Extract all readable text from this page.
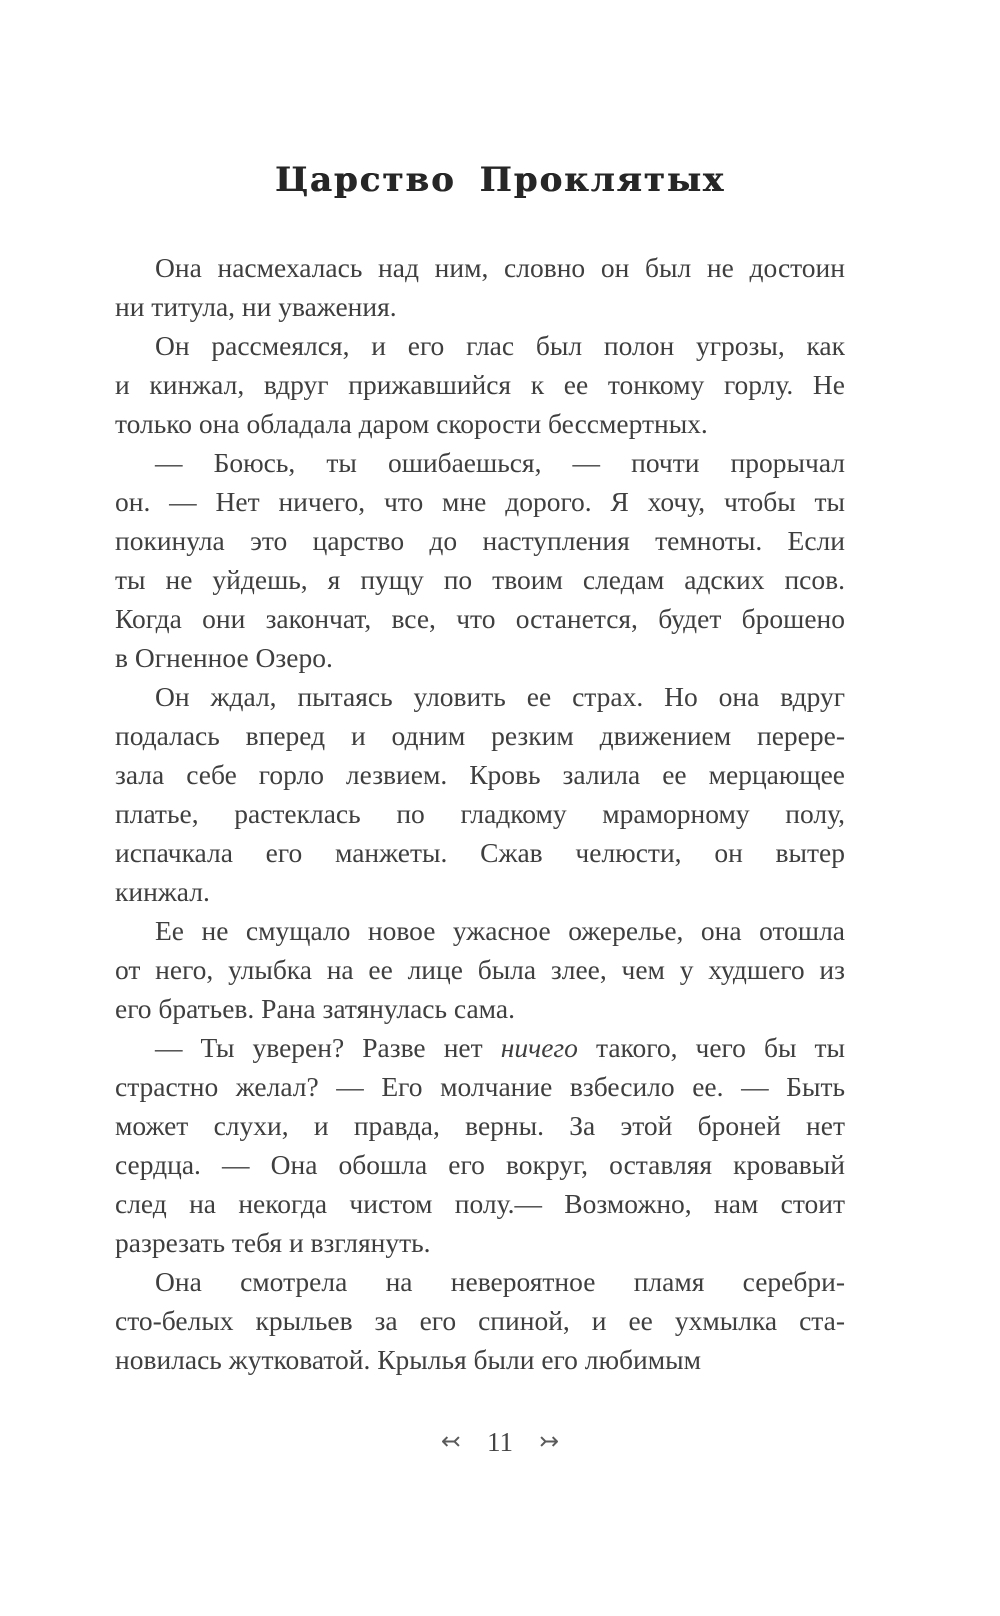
Царство Проклятых
Она насмехалась над ним, словно он был не достоин
ни титула, ни уважения.
Он рассмеялся, и его глас был полон угрозы, как
и кинжал, вдруг прижавшийся к ее тонкому горлу. Не
только она обладала даром скорости бессмертных.
— Боюсь, ты ошибаешься, — почти прорычал
он. — Нет ничего, что мне дорого. Я хочу, чтобы ты
покинула это царство до наступления темноты. Если
ты не уйдешь, я пущу по твоим следам адских псов.
Когда они закончат, все, что останется, будет брошено
в Огненное Озеро.
Он ждал, пытаясь уловить ее страх. Но она вдруг
подалась вперед и одним резким движением перере-
зала себе горло лезвием. Кровь залила ее мерцающее
платье, растеклась по гладкому мраморному полу,
испачкала его манжеты. Сжав челюсти, он вытер
кинжал.
Ее не смущало новое ужасное ожерелье, она отошла
от него, улыбка на ее лице была злее, чем у худшего из
его братьев. Рана затянулась сама.
— Ты уверен? Разве нет ничего такого, чего бы ты
страстно желал? — Его молчание взбесило ее. — Быть
может слухи, и правда, верны. За этой броней нет
сердца. — Она обошла его вокруг, оставляя кровавый
след на некогда чистом полу.— Возможно, нам стоит
разрезать тебя и взглянуть.
Она смотрела на невероятное пламя серебри-
сто-белых крыльев за его спиной, и ее ухмылка ста-
новилась жутковатой. Крылья были его любимым
↢ 11 ↣
